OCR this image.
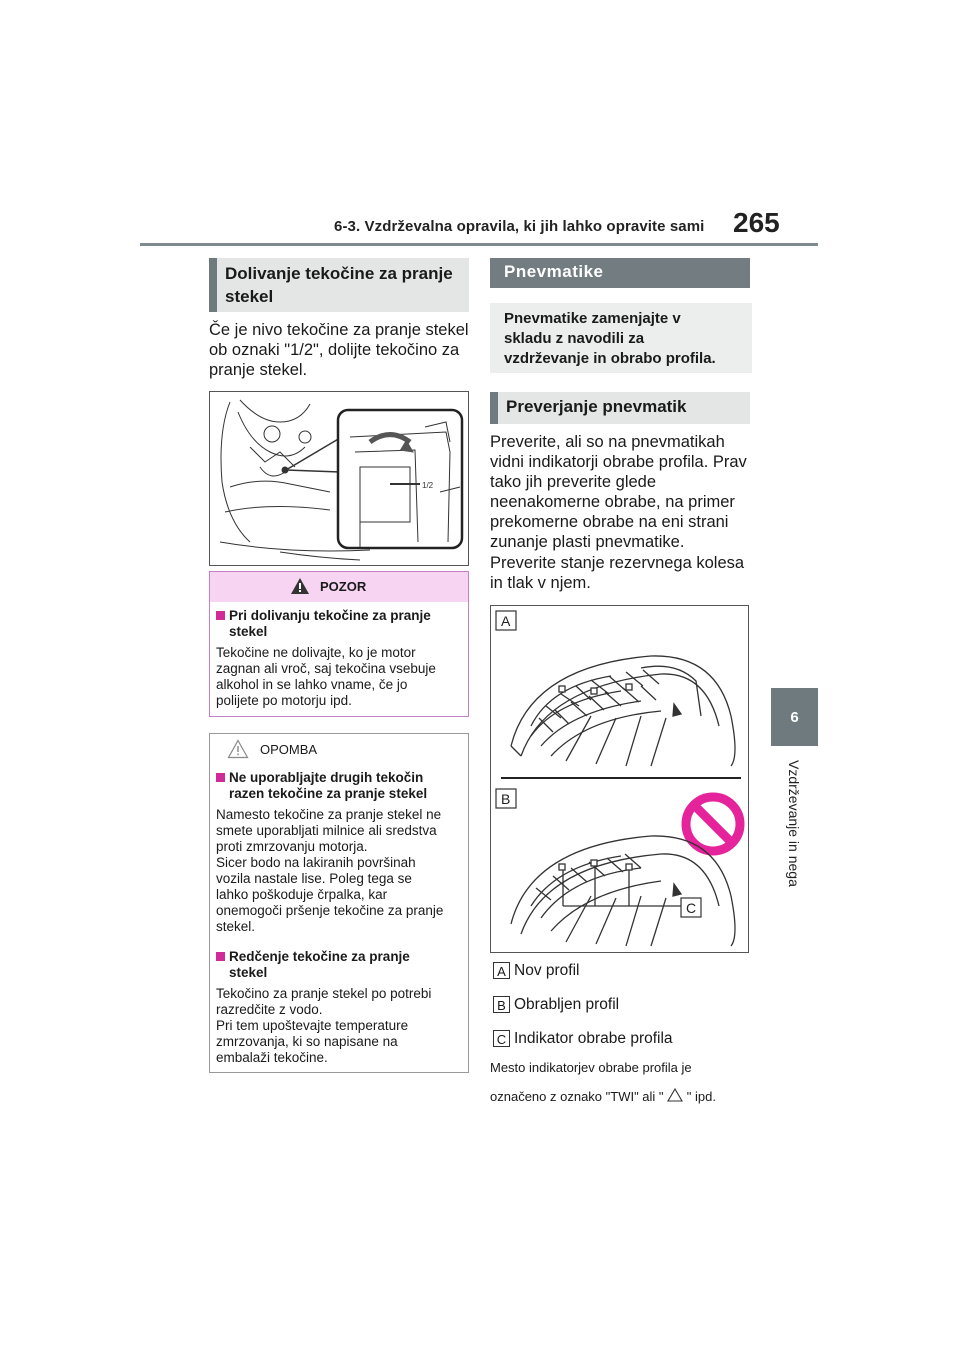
6-3. Vzdrževalna opravila, ki jih lahko opravite sami 265
6
Vzdrževanje in nega
Dolivanje tekočine za pranje
stekel
Če je nivo tekočine za pranje stekel
ob oznaki "1/2", dolijte tekočino za
pranje stekel.
1/2
POZOR
Pri dolivanju tekočine za pranje
stekel
Tekočine ne dolivajte, ko je motor
zagnan ali vroč, saj tekočina vsebuje
alkohol in se lahko vname, če jo
polijete po motorju ipd.
OPOMBA
Ne uporabljajte drugih tekočin
razen tekočine za pranje stekel
Namesto tekočine za pranje stekel ne
smete uporabljati milnice ali sredstva
proti zmrzovanju motorja.
Sicer bodo na lakiranih površinah
vozila nastale lise. Poleg tega se
lahko poškoduje črpalka, kar
onemogoči pršenje tekočine za pranje
stekel.
Redčenje tekočine za pranje
stekel
Tekočino za pranje stekel po potrebi
razredčite z vodo.
Pri tem upoštevajte temperature
zmrzovanja, ki so napisane na
embalaži tekočine.
Pnevmatike
Pnevmatike zamenjajte v
skladu z navodili za
vzdrževanje in obrabo profila.
Preverjanje pnevmatik
Preverite, ali so na pnevmatikah
vidni indikatorji obrabe profila. Prav
tako jih preverite glede
neenakomerne obrabe, na primer
prekomerne obrabe na eni strani
zunanje plasti pnevmatike.
Preverite stanje rezervnega kolesa
in tlak v njem.
A
B
C
A Nov profil
B Obrabljen profil
C Indikator obrabe profila
Mesto indikatorjev obrabe profila je
označeno z oznako "TWI" ali " " ipd.
